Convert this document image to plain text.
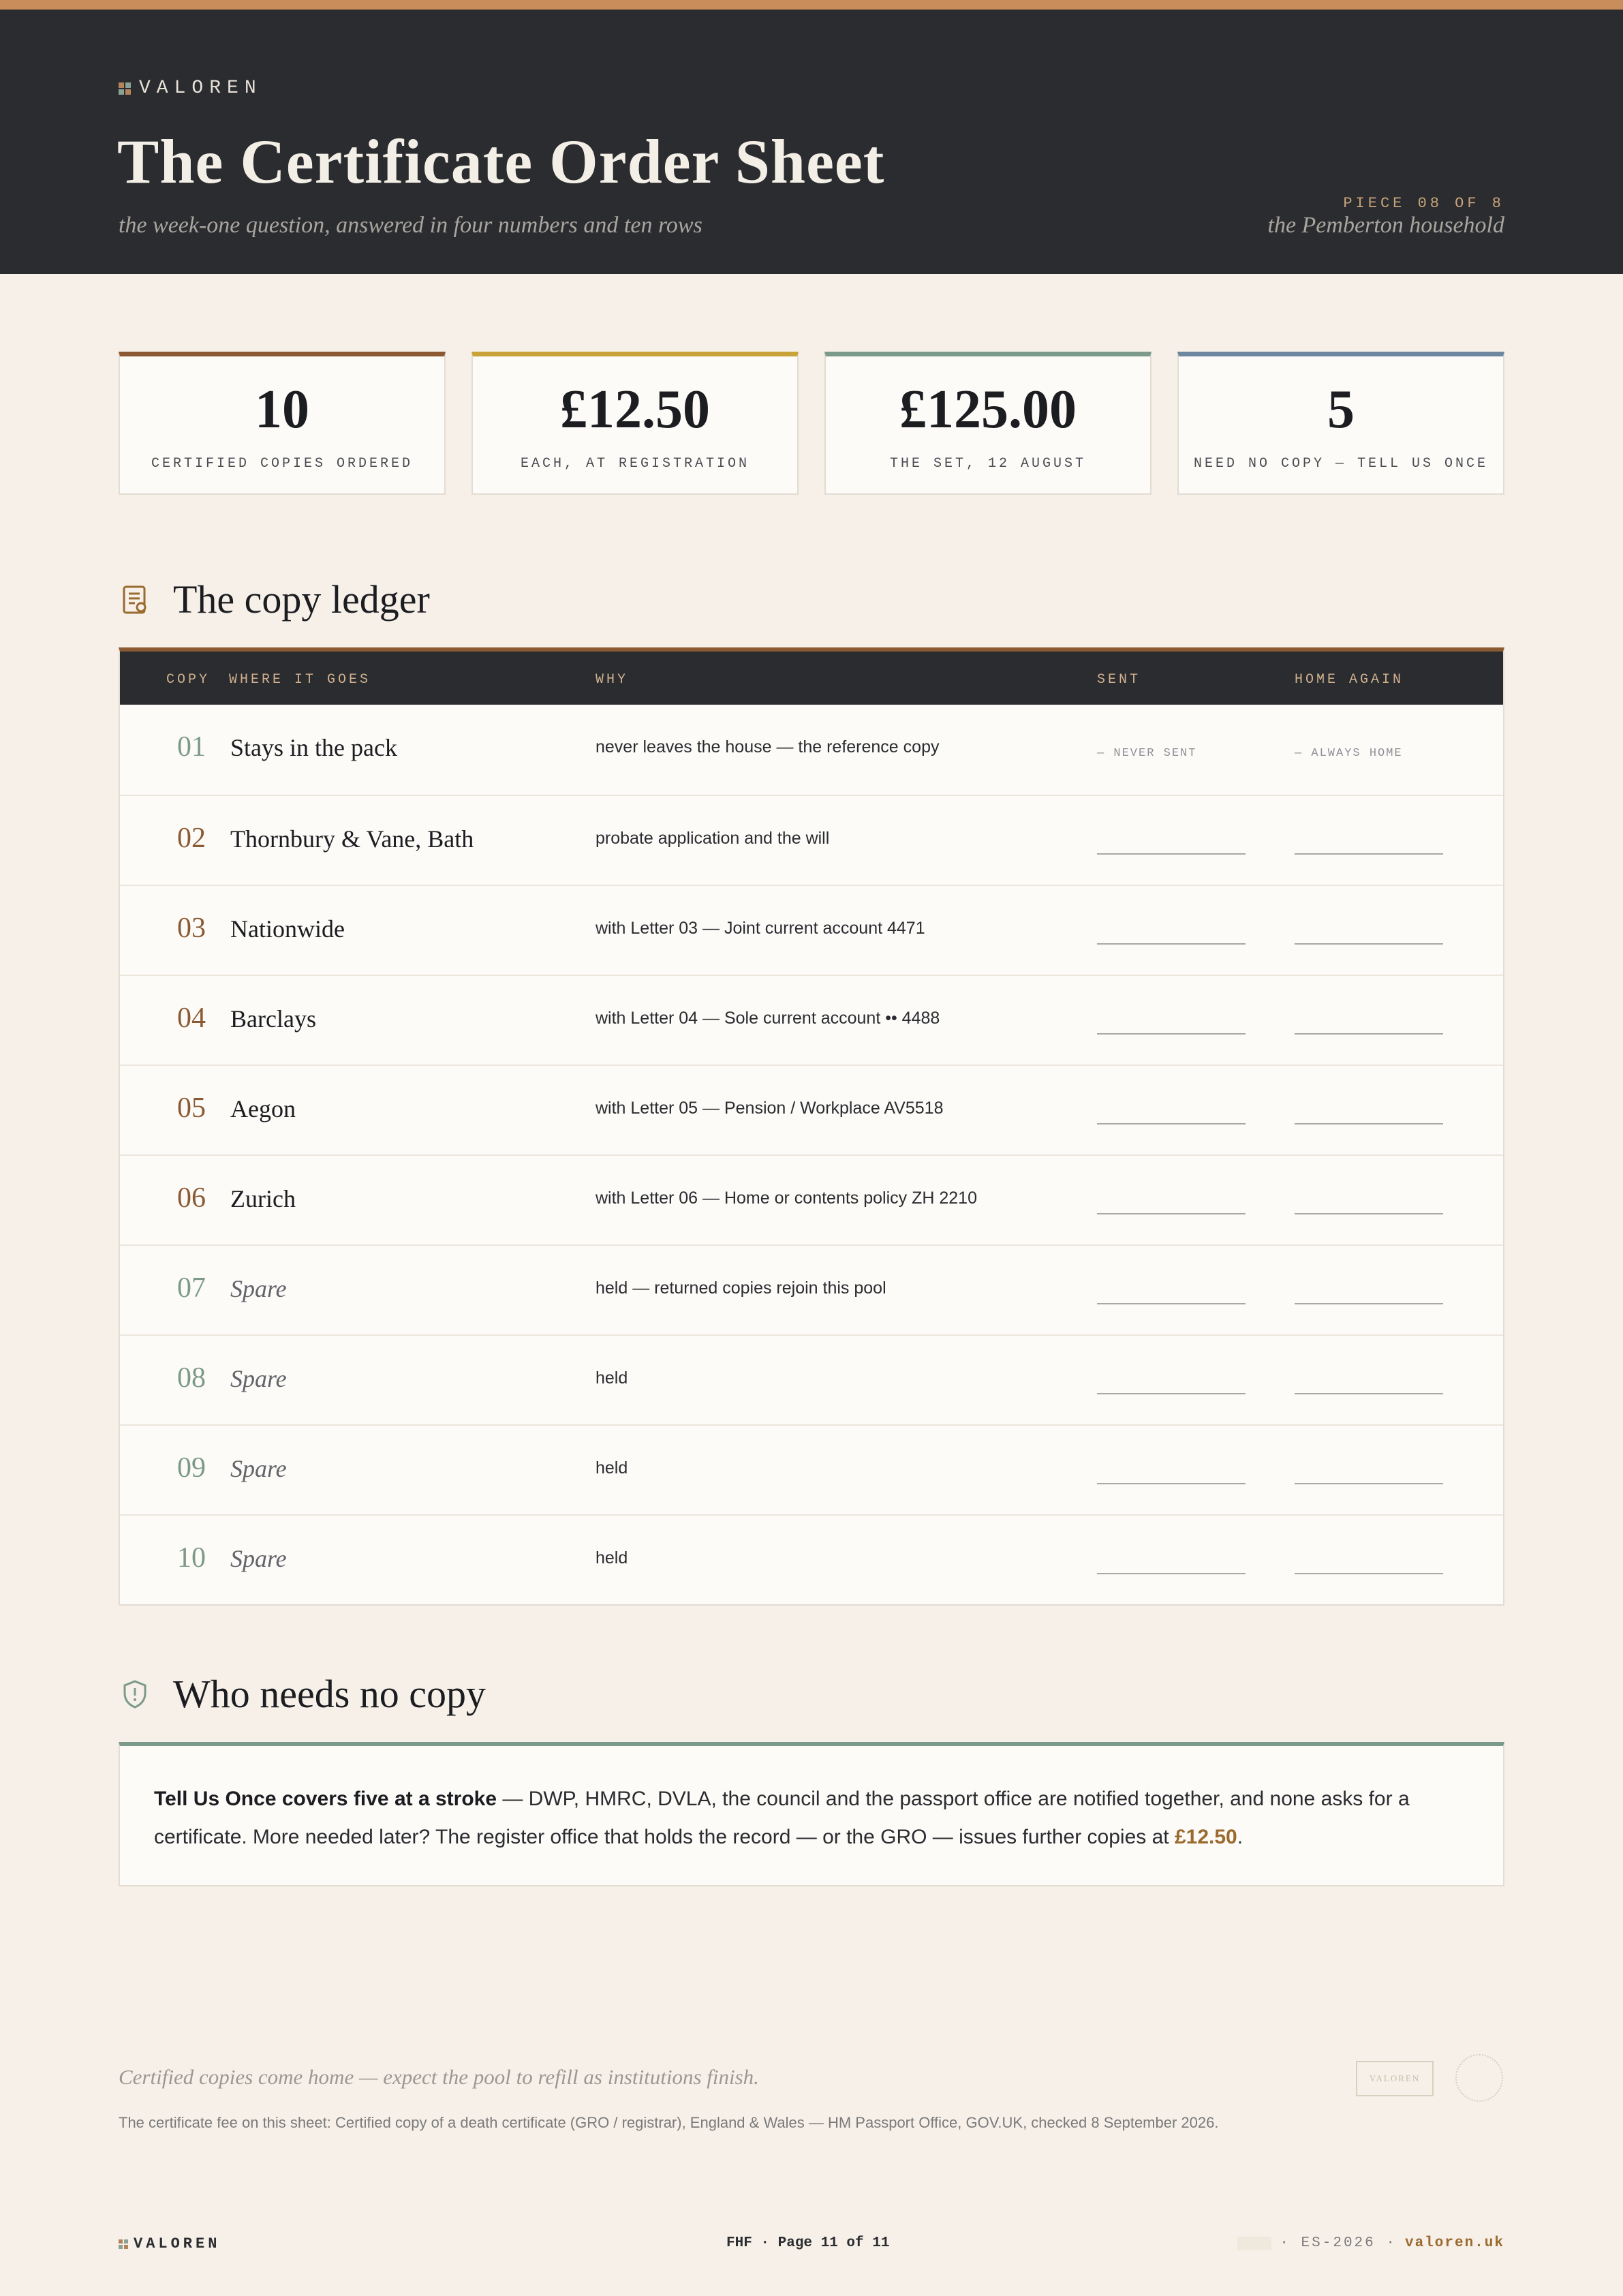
VALOREN
The Certificate Order Sheet
the week-one question, answered in four numbers and ten rows
PIECE 08 OF 8
the Pemberton household
10
CERTIFIED COPIES ORDERED
£12.50
EACH, AT REGISTRATION
£125.00
THE SET, 12 AUGUST
5
NEED NO COPY — TELL US ONCE
The copy ledger
COPY WHERE IT GOES	WHY	SENT	HOME AGAIN
01 Stays in the pack	never leaves the house — the reference copy	— NEVER SENT	— ALWAYS HOME
02 Thornbury & Vane, Bath	probate application and the will
03 Nationwide	with Letter 03 — Joint current account 4471
04 Barclays	with Letter 04 — Sole current account •• 4488
05 Aegon	with Letter 05 — Pension / Workplace AV5518
06 Zurich	with Letter 06 — Home or contents policy ZH 2210
07 Spare	held — returned copies rejoin this pool
08 Spare	held
09 Spare	held
10 Spare	held
Who needs no copy
Tell Us Once covers five at a stroke — DWP, HMRC, DVLA, the council and the passport office are notified together, and none asks for a certificate. More needed later? The register office that holds the record — or the GRO — issues further copies at £12.50.
Certified copies come home — expect the pool to refill as institutions finish.
The certificate fee on this sheet: Certified copy of a death certificate (GRO / registrar), England & Wales — HM Passport Office, GOV.UK, checked 8 September 2026.
VALOREN
VALOREN	FHF · Page 11 of 11	· ES-2026 · valoren.uk
